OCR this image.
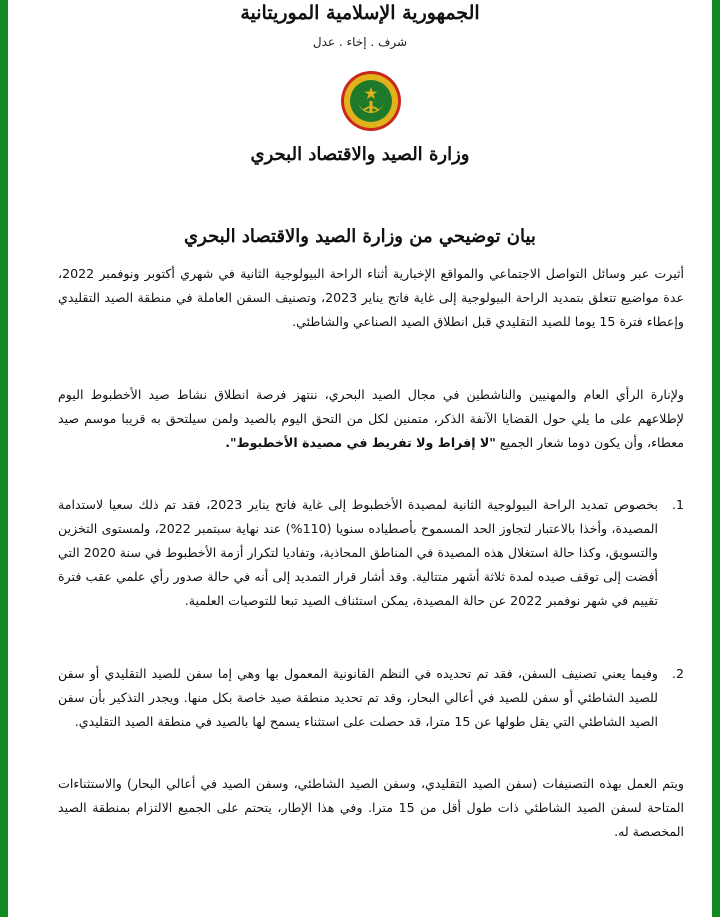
الجمهورية الإسلامية الموريتانية
شرف . إخاء . عدل
وزارة الصيد والاقتصاد البحري
بيان توضيحي من وزارة الصيد والاقتصاد البحري
أثيرت عبر وسائل التواصل الاجتماعي والمواقع الإخبارية أثناء الراحة البيولوجية الثانية في شهري أكتوبر ونوفمبر 2022، عدة مواضيع تتعلق بتمديد الراحة البيولوجية إلى غاية فاتح يناير 2023، وتصنيف السفن العاملة في منطقة الصيد التقليدي وإعطاء فترة 15 يوما للصيد التقليدي قبل انطلاق الصيد الصناعي والشاطئي.
ولإنارة الرأي العام والمهنيين والناشطين في مجال الصيد البحري، ننتهز فرصة انطلاق نشاط صيد الأخطبوط اليوم لإطلاعهم على ما يلي حول القضايا الآنفة الذكر، متمنين لكل من التحق اليوم بالصيد ولمن سيلتحق به قريبا موسم صيد معطاء، وأن يكون دوما شعار الجميع "لا إفراط ولا تفريط في مصيدة الأخطبوط".
1.
بخصوص تمديد الراحة البيولوجية الثانية لمصيدة الأخطبوط إلى غاية فاتح يناير 2023، فقد تم ذلك سعيا لاستدامة المصيدة، وأخذا بالاعتبار لتجاوز الحد المسموح بأصطياده سنويا (110%) عند نهاية سبتمبر 2022، ولمستوى التخزين والتسويق، وكذا حالة استغلال هذه المصيدة في المناطق المحاذية، وتفاديا لتكرار أزمة الأخطبوط في سنة 2020 التي أفضت إلى توقف صيده لمدة ثلاثة أشهر متتالية. وقد أشار قرار التمديد إلى أنه في حالة صدور رأي علمي عقب فترة تقييم في شهر نوفمبر 2022 عن حالة المصيدة، يمكن استئناف الصيد تبعا للتوصيات العلمية.
2.
وفيما يعني تصنيف السفن، فقد تم تحديده في النظم القانونية المعمول بها وهي إما سفن للصيد التقليدي أو سفن للصيد الشاطئي أو سفن للصيد في أعالي البحار، وقد تم تحديد منطقة صيد خاصة بكل منها. ويجدر التذكير بأن سفن الصيد الشاطئي التي يقل طولها عن 15 مترا، قد حصلت على استثناء يسمح لها بالصيد في منطقة الصيد التقليدي.
ويتم العمل بهذه التصنيفات (سفن الصيد التقليدي، وسفن الصيد الشاطئي، وسفن الصيد في أعالي البحار) والاستثناءات المتاحة لسفن الصيد الشاطئي ذات طول أقل من 15 مترا. وفي هذا الإطار، يتحتم على الجميع الالتزام بمنطقة الصيد المخصصة له.
